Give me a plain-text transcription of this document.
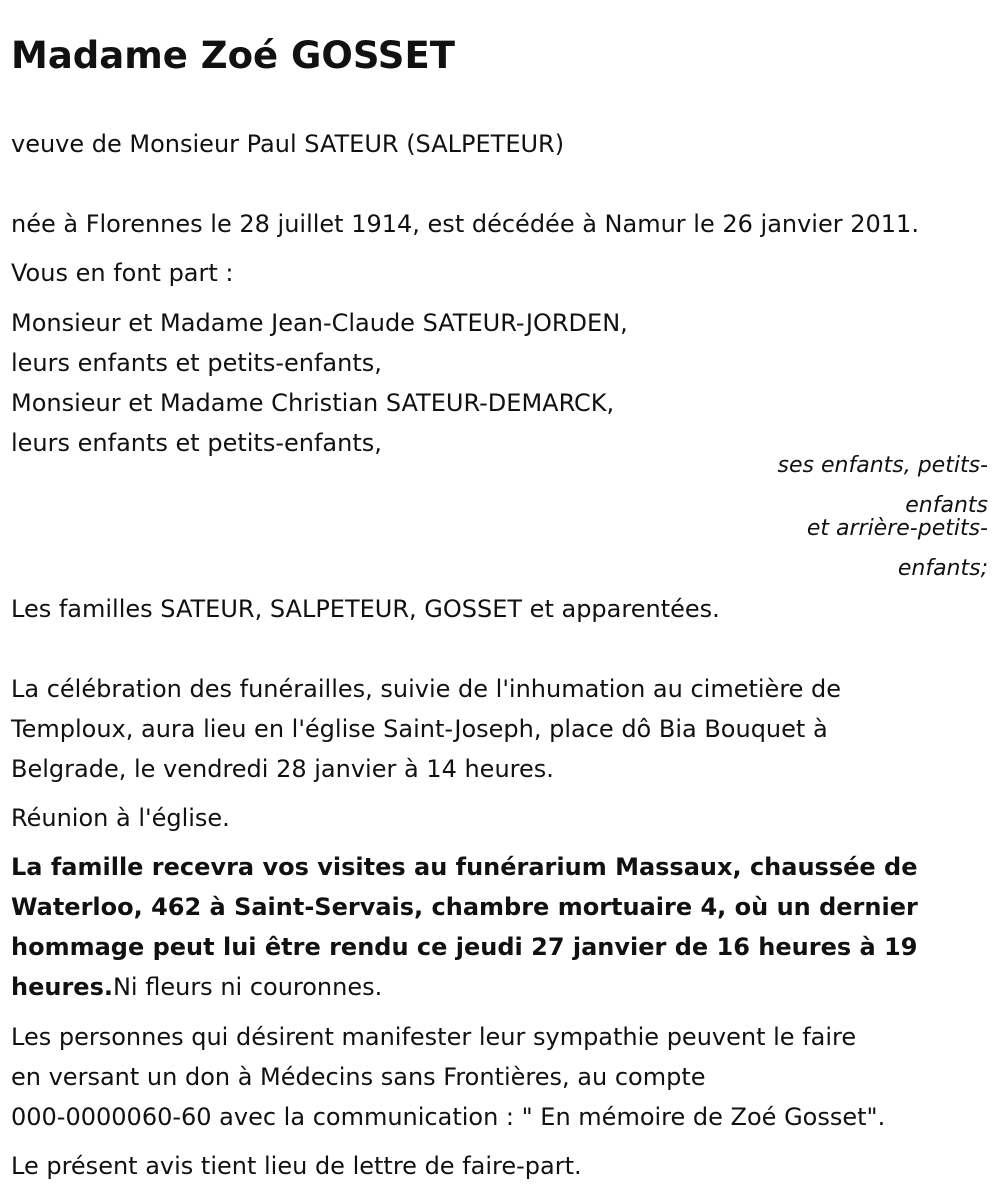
Madame Zoé GOSSET
veuve de Monsieur Paul SATEUR (SALPETEUR)
née à Florennes le 28 juillet 1914, est décédée à Namur le 26 janvier 2011.
Vous en font part :
Monsieur et Madame Jean-Claude SATEUR-JORDEN,
leurs enfants et petits-enfants,
Monsieur et Madame Christian SATEUR-DEMARCK,
leurs enfants et petits-enfants,
ses enfants, petits-
enfants
et arrière-petits-
enfants;
Les familles SATEUR, SALPETEUR, GOSSET et apparentées.
La célébration des funérailles, suivie de l'inhumation au cimetière de
Temploux, aura lieu en l'église Saint-Joseph, place dô Bia Bouquet à
Belgrade, le vendredi 28 janvier à 14 heures.
Réunion à l'église.
La famille recevra vos visites au funérarium Massaux, chaussée de
Waterloo, 462 à Saint-Servais, chambre mortuaire 4, où un dernier
hommage peut lui être rendu ce jeudi 27 janvier de 16 heures à 19
heures.Ni fleurs ni couronnes.
Les personnes qui désirent manifester leur sympathie peuvent le faire
en versant un don à Médecins sans Frontières, au compte
000-0000060-60 avec la communication : " En mémoire de Zoé Gosset".
Le présent avis tient lieu de lettre de faire-part.
